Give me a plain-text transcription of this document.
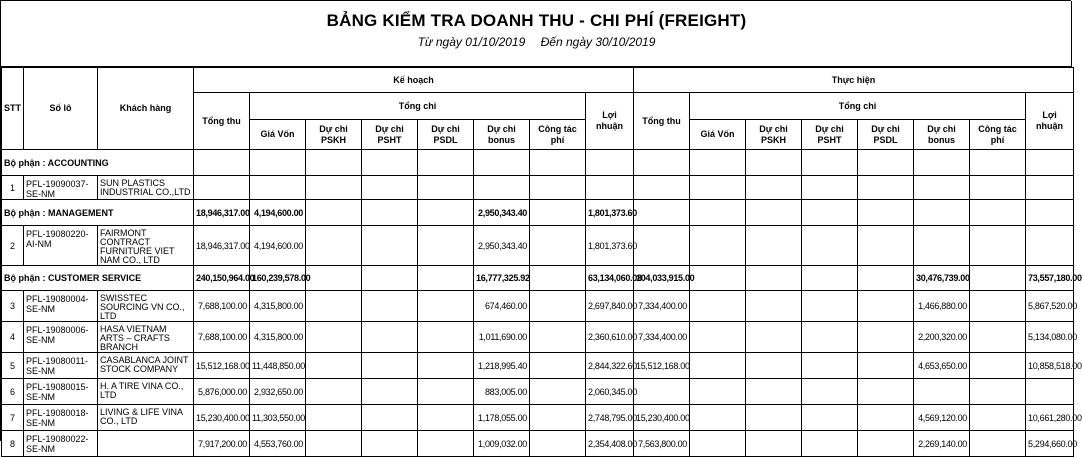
BẢNG KIỂM TRA DOANH THU - CHI PHÍ (FREIGHT)
Từ ngày 01/10/2019 Đến ngày 30/10/2019
STT	Số lô	Khách hàng	Kế hoạch								Thực hiện							
			Tổng thu	Tổng chi						Lợi nhuận	Tổng thu	Tổng chi						Lợi nhuận
				Giá Vốn	Dự chi PSKH	Dự chi PSHT	Dự chi PSDL	Dự chi bonus	Công tác phí			Giá Vốn	Dự chi PSKH	Dự chi PSHT	Dự chi PSDL	Dự chi bonus	Công tác phí	
Bộ phận : ACCOUNTING																		
1	PFL-19090037-SE-NM	SUN PLASTICS INDUSTRIAL CO.,LTD																
Bộ phận : MANAGEMENT			18,946,317.00	4,194,600.00				2,950,343.40		1,801,373.60								
2	PFL-19080220-AI-NM	FAIRMONT CONTRACT FURNITURE VIET NAM CO., LTD	18,946,317.00	4,194,600.00				2,950,343.40		1,801,373.60								
Bộ phận : CUSTOMER SERVICE			240,150,964.00	160,239,578.00				16,777,325.92		63,134,060.08	104,033,915.00					30,476,739.00		73,557,180.00
3	PFL-19080004-SE-NM	SWISSTEC SOURCING VN CO., LTD	7,688,100.00	4,315,800.00				674,460.00		2,697,840.00	7,334,400.00					1,466,880.00		5,867,520.00
4	PFL-19080006-SE-NM	HASA VIETNAM ARTS – CRAFTS BRANCH	7,688,100.00	4,315,800.00				1,011,690.00		2,360,610.00	7,334,400.00					2,200,320.00		5,134,080.00
5	PFL-19080011-SE-NM	CASABLANCA JOINT STOCK COMPANY	15,512,168.00	11,448,850.00				1,218,995.40		2,844,322.60	15,512,168.00					4,653,650.00		10,858,518.00
6	PFL-19080015-SE-NM	H. A TIRE VINA CO., LTD	5,876,000.00	2,932,650.00				883,005.00		2,060,345.00								
7	PFL-19080018-SE-NM	LIVING & LIFE VINA CO., LTD	15,230,400.00	11,303,550.00				1,178,055.00		2,748,795.00	15,230,400.00					4,569,120.00		10,661,280.00
8	PFL-19080022-SE-NM		7,917,200.00	4,553,760.00				1,009,032.00		2,354,408.00	7,563,800.00					2,269,140.00		5,294,660.00
